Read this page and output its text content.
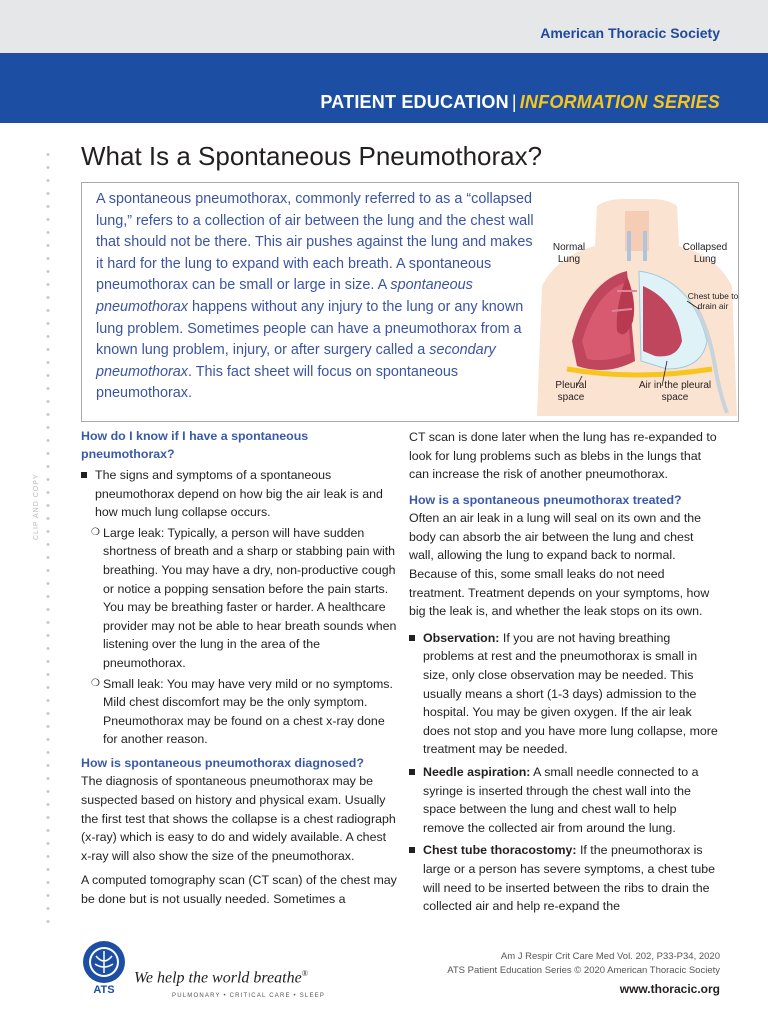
American Thoracic Society
PATIENT EDUCATION | INFORMATION SERIES
CLIP AND COPY
What Is a Spontaneous Pneumothorax?
A spontaneous pneumothorax, commonly referred to as a “collapsed lung,” refers to a collection of air between the lung and the chest wall that should not be there. This air pushes against the lung and makes it hard for the lung to expand with each breath. A spontaneous pneumothorax can be small or large in size. A spontaneous pneumothorax happens without any injury to the lung or any known lung problem. Sometimes people can have a pneumothorax from a known lung problem, injury, or after surgery called a secondary pneumothorax. This fact sheet will focus on spontaneous pneumothorax.
Normal Lung
Collapsed Lung
Chest tube to drain air
Pleural space
Air in the pleural space
How do I know if I have a spontaneous pneumothorax?
The signs and symptoms of a spontaneous pneumothorax depend on how big the air leak is and how much lung collapse occurs.
❍ Large leak: Typically, a person will have sudden shortness of breath and a sharp or stabbing pain with breathing. You may have a dry, non-productive cough or notice a popping sensation before the pain starts. You may be breathing faster or harder. A healthcare provider may not be able to hear breath sounds when listening over the lung in the area of the pneumothorax.
❍ Small leak: You may have very mild or no symptoms. Mild chest discomfort may be the only symptom. Pneumothorax may be found on a chest x-ray done for another reason.
How is spontaneous pneumothorax diagnosed?

The diagnosis of spontaneous pneumothorax may be suspected based on history and physical exam. Usually the first test that shows the collapse is a chest radiograph (x-ray) which is easy to do and widely available. A chest x-ray will also show the size of the pneumothorax.

A computed tomography scan (CT scan) of the chest may be done but is not usually needed. Sometimes a

CT scan is done later when the lung has re-expanded to look for lung problems such as blebs in the lungs that can increase the risk of another pneumothorax.

How is a spontaneous pneumothorax treated?

Often an air leak in a lung will seal on its own and the body can absorb the air between the lung and chest wall, allowing the lung to expand back to normal. Because of this, some small leaks do not need treatment. Treatment depends on your symptoms, how big the leak is, and whether the leak stops on its own.

Observation: If you are not having breathing problems at rest and the pneumothorax is small in size, only close observation may be needed. This usually means a short (1-3 days) admission to the hospital. You may be given oxygen. If the air leak does not stop and you have more lung collapse, more treatment may be needed.
Needle aspiration: A small needle connected to a syringe is inserted through the chest wall into the space between the lung and chest wall to help remove the collected air from around the lung.
Chest tube thoracostomy: If the pneumothorax is large or a person has severe symptoms, a chest tube will need to be inserted between the ribs to drain the collected air and help re-expand the
ATS
We help the world breathe®
PULMONARY • CRITICAL CARE • SLEEP
Am J Respir Crit Care Med Vol. 202, P33-P34, 2020
ATS Patient Education Series © 2020 American Thoracic Society
www.thoracic.org
